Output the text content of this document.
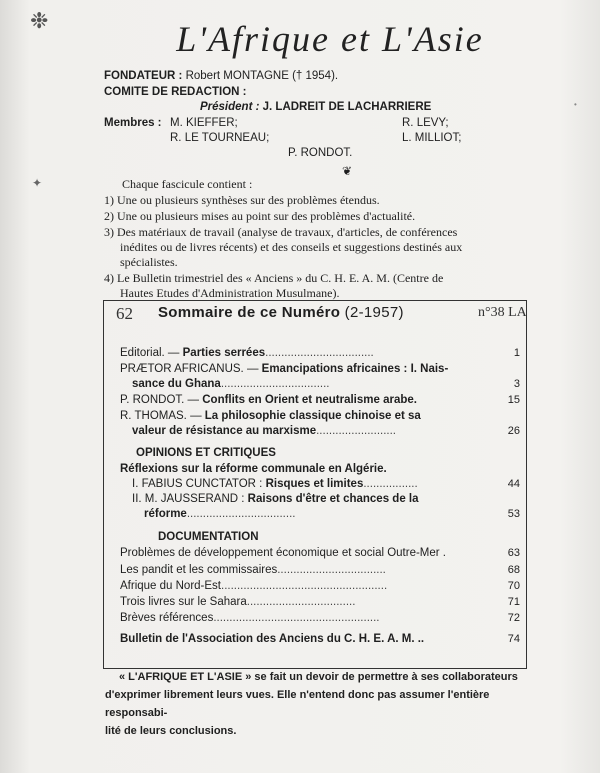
❉
✦
•
L'Afrique et L'Asie
FONDATEUR : Robert MONTAGNE († 1954).
COMITE DE REDACTION :
Président : J. LADREIT DE LACHARRIERE
Membres : M. KIEFFER;	R. LEVY;
R. LE TOURNEAU;	L. MILLIOT;
P. RONDOT.
❦
Chaque fascicule contient :
1) Une ou plusieurs synthèses sur des problèmes étendus.
2) Une ou plusieurs mises au point sur des problèmes d'actualité.
3) Des matériaux de travail (analyse de travaux, d'articles, de conférences
inédites ou de livres récents) et des conseils et suggestions destinés aux
spécialistes.
4) Le Bulletin trimestriel des « Anciens » du C. H. E. A. M. (Centre de
Hautes Etudes d'Administration Musulmane).
62 Sommaire de ce Numéro (2-1957)	n°38 LA
Editorial. — Parties serrées..................................	1
PRÆTOR AFRICANUS. — Emancipations africaines : I. Nais-
sance du Ghana..................................	3
P. RONDOT. — Conflits en Orient et neutralisme arabe.	15
R. THOMAS. — La philosophie classique chinoise et sa
valeur de résistance au marxisme.........................	26
OPINIONS ET CRITIQUES
Réflexions sur la réforme communale en Algérie.
I. FABIUS CUNCTATOR : Risques et limites.................	44
II. M. JAUSSERAND : Raisons d'être et chances de la
réforme..................................	53
DOCUMENTATION
Problèmes de développement économique et social Outre-Mer .	63
Les pandit et les commissaires..................................	68
Afrique du Nord-Est....................................................	70
Trois livres sur le Sahara..................................	71
Brèves références....................................................	72
Bulletin de l'Association des Anciens du C. H. E. A. M. ..	74
« L'AFRIQUE ET L'ASIE » se fait un devoir de permettre à ses collaborateurs
d'exprimer librement leurs vues. Elle n'entend donc pas assumer l'entière responsabi-
lité de leurs conclusions.
